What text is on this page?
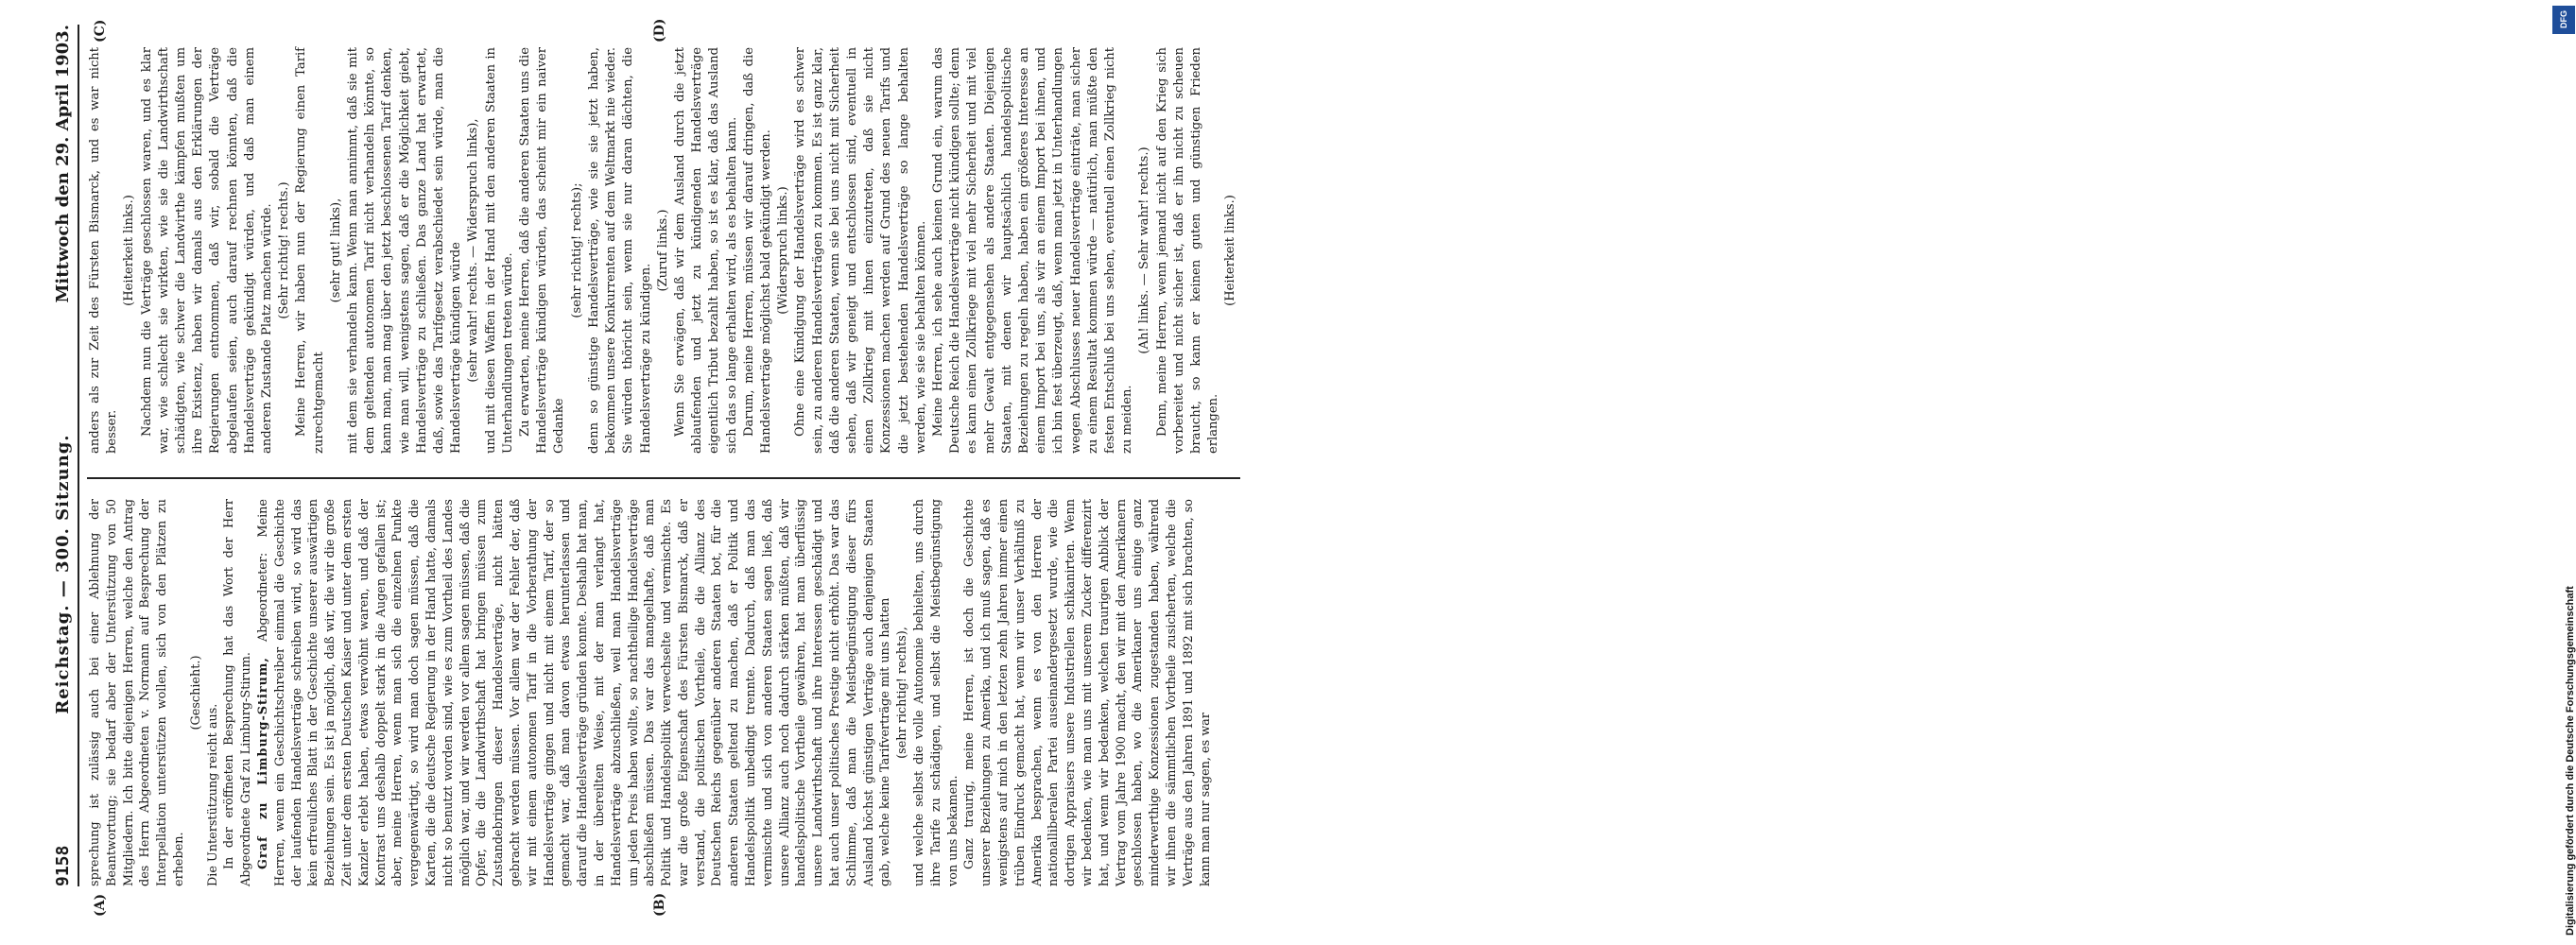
9158
Reichstag. — 300. Sitzung.
Mittwoch den 29. April 1903.
(A)	(B)
(C)	(D)

sprechung ist zulässig auch bei einer Ablehnung der Beantwortung; sie bedarf aber der Unterstützung von 50 Mitgliedern. Ich bitte diejenigen Herren, welche den Antrag des Herrn Abgeordneten v. Normann auf Besprechung der Interpellation unterstützen wollen, sich von den Plätzen zu erheben.

(Geschieht.)

Die Unterstützung reicht aus. In der eröffneten Besprechung hat das Wort der Herr Abgeordnete Graf zu Limburg-Stirum. Graf zu Limburg-Stirum, Abgeordneter: Meine Herren, wenn ein Geschichtschreiber einmal die Geschichte der laufenden Handelsverträge schreiben wird, so wird das kein erfreuliches Blatt in der Geschichte unserer auswärtigen Beziehungen sein. Es ist ja möglich, daß wir, die wir die große Zeit unter dem ersten Deutschen Kaiser und unter dem ersten Kanzler erlebt haben, etwas verwöhnt waren, und daß der Kontrast uns deshalb doppelt stark in die Augen gefallen ist; aber, meine Herren, wenn man sich die einzelnen Punkte vergegenwärtigt, so wird man doch sagen müssen, daß die Karten, die die deutsche Regierung in der Hand hatte, damals nicht so benutzt worden sind, wie es zum Vortheil des Landes möglich war, und wir werden vor allem sagen müssen, daß die Opfer, die die Landwirthschaft hat bringen müssen zum Zustandebringen dieser Handelsverträge, nicht hätten gebracht werden müssen. Vor allem war der Fehler der, daß wir mit einem autonomen Tarif in die Vorberathung der Handelsverträge gingen und nicht mit einem Tarif, der so gemacht war, daß man davon etwas herunterlassen und darauf die Handelsverträge gründen konnte. Deshalb hat man, in der übereilten Weise, mit der man verlangt hat, Handelsverträge abzuschließen, weil man Handelsverträge um jeden Preis haben wollte, so nachtheilige Handelsverträge abschließen müssen. Das war das mangelhafte, daß man Politik und Handelspolitik verwechselte und vermischte. Es war die große Eigenschaft des Fürsten Bismarck, daß er verstand, die politischen Vortheile, die die Allianz des Deutschen Reichs gegenüber anderen Staaten bot, für die anderen Staaten geltend zu machen, daß er Politik und Handelspolitik unbedingt trennte. Dadurch, daß man das vermischte und sich von anderen Staaten sagen ließ, daß unsere Allianz auch noch dadurch stärken müßten, daß wir handelspolitische Vortheile gewähren, hat man überflüssig unsere Landwirthschaft und ihre Interessen geschädigt und hat auch unser politisches Prestige nicht erhöht. Das war das Schlimme, daß man die Meistbegünstigung dieser fürs Ausland höchst günstigen Verträge auch denjenigen Staaten gab, welche keine Tarifverträge mit uns hatten (sehr richtig! rechts), und welche selbst die volle Autonomie behielten, uns durch ihre Tarife zu schädigen, und selbst die Meistbegünstigung von uns bekamen. Ganz traurig, meine Herren, ist doch die Geschichte unserer Beziehungen zu Amerika, und ich muß sagen, daß es wenigstens auf mich in den letzten zehn Jahren immer einen trüben Eindruck gemacht hat, wenn wir unser Verhältniß zu Amerika besprachen, wenn es von den Herren der nationalliberalen Partei auseinandergesetzt wurde, wie die dortigen Appraisers unsere Industriellen schikanirten. Wenn wir bedenken, wie man uns mit unserem Zucker differenzirt hat, und wenn wir bedenken, welchen traurigen Anblick der Vertrag vom Jahre 1900 macht, den wir mit den Amerikanern geschlossen haben, wo die Amerikaner uns einige ganz minderwerthige Konzessionen zugestanden haben, während wir ihnen die sämmtlichen Vortheile zusicherten, welche die Verträge aus den Jahren 1891 und 1892 mit sich brachten, so kann man nur sagen, es war

anders als zur Zeit des Fürsten Bismarck, und es war nicht besser.

(Heiterkeit links.) Nachdem nun die Verträge geschlossen waren, und es klar war, wie schlecht sie wirkten, wie sie die Landwirthschaft schädigten, wie schwer die Landwirthe kämpfen mußten um ihre Existenz, haben wir damals aus den Erklärungen der Regierungen entnommen, daß wir, sobald die Verträge abgelaufen seien, auch darauf rechnen könnten, daß die Handelsverträge gekündigt würden, und daß man einem anderen Zustande Platz machen würde. (Sehr richtig! rechts.) Meine Herren, wir haben nun der Regierung einen Tarif zurechtgemacht

(sehr gut! links), mit dem sie verhandeln kann. Wenn man annimmt, daß sie mit dem geltenden autonomen Tarif nicht verhandeln könnte, so kann man, man mag über den jetzt beschlossenen Tarif denken, wie man will, wenigstens sagen, daß er die Möglichkeit giebt, Handelsverträge zu schließen. Das ganze Land hat erwartet, daß, sowie das Tarifgesetz verabschiedet sein würde, man die Handelsverträge kündigen würde (sehr wahr! rechts. — Widerspruch links), und mit diesen Waffen in der Hand mit den anderen Staaten in Unterhandlungen treten würde. Zu erwarten, meine Herren, daß die anderen Staaten uns die Handelsverträge kündigen würden, das scheint mir ein naiver Gedanke

(sehr richtig! rechts); denn so günstige Handelsverträge, wie sie sie jetzt haben, bekommen unsere Konkurrenten auf dem Weltmarkt nie wieder. Sie würden thöricht sein, wenn sie nur daran dächten, die Handelsverträge zu kündigen.

(Zuruf links.) Wenn Sie erwägen, daß wir dem Ausland durch die jetzt ablaufenden und jetzt zu kündigenden Handelsverträge eigentlich Tribut bezahlt haben, so ist es klar, daß das Ausland sich das so lange erhalten wird, als es behalten kann. Darum, meine Herren, müssen wir darauf dringen, daß die Handelsverträge möglichst bald gekündigt werden. (Widerspruch links.) Ohne eine Kündigung der Handelsverträge wird es schwer sein, zu anderen Handelsverträgen zu kommen. Es ist ganz klar, daß die anderen Staaten, wenn sie bei uns nicht mit Sicherheit sehen, daß wir geneigt und entschlossen sind, eventuell in einen Zollkrieg mit ihnen einzutreten, daß sie nicht Konzessionen machen werden auf Grund des neuen Tarifs und die jetzt bestehenden Handelsverträge so lange behalten werden, wie sie sie behalten können. Meine Herren, ich sehe auch keinen Grund ein, warum das Deutsche Reich die Handelsverträge nicht kündigen sollte; denn es kann einen Zollkriege mit viel mehr Sicherheit und mit viel mehr Gewalt entgegensehen als andere Staaten. Diejenigen Staaten, mit denen wir hauptsächlich handelspolitische Beziehungen zu regeln haben, haben ein größeres Interesse an einem Import bei uns, als wir an einem Import bei ihnen, und ich bin fest überzeugt, daß, wenn man jetzt in Unterhandlungen wegen Abschlusses neuer Handelsverträge einträte, man sicher zu einem Resultat kommen würde — natürlich, man müßte den festen Entschluß bei uns sehen, eventuell einen Zollkrieg nicht zu meiden.

(Ah! links. — Sehr wahr! rechts.) Denn, meine Herren, wenn jemand nicht auf den Krieg sich vorbereitet und nicht sicher ist, daß er ihn nicht zu scheuen braucht, so kann er keinen guten und günstigen Frieden erlangen.

(Heiterkeit links.)

DFG
Digitalisierung gefördert durch die Deutsche Forschungsgemeinschaft
